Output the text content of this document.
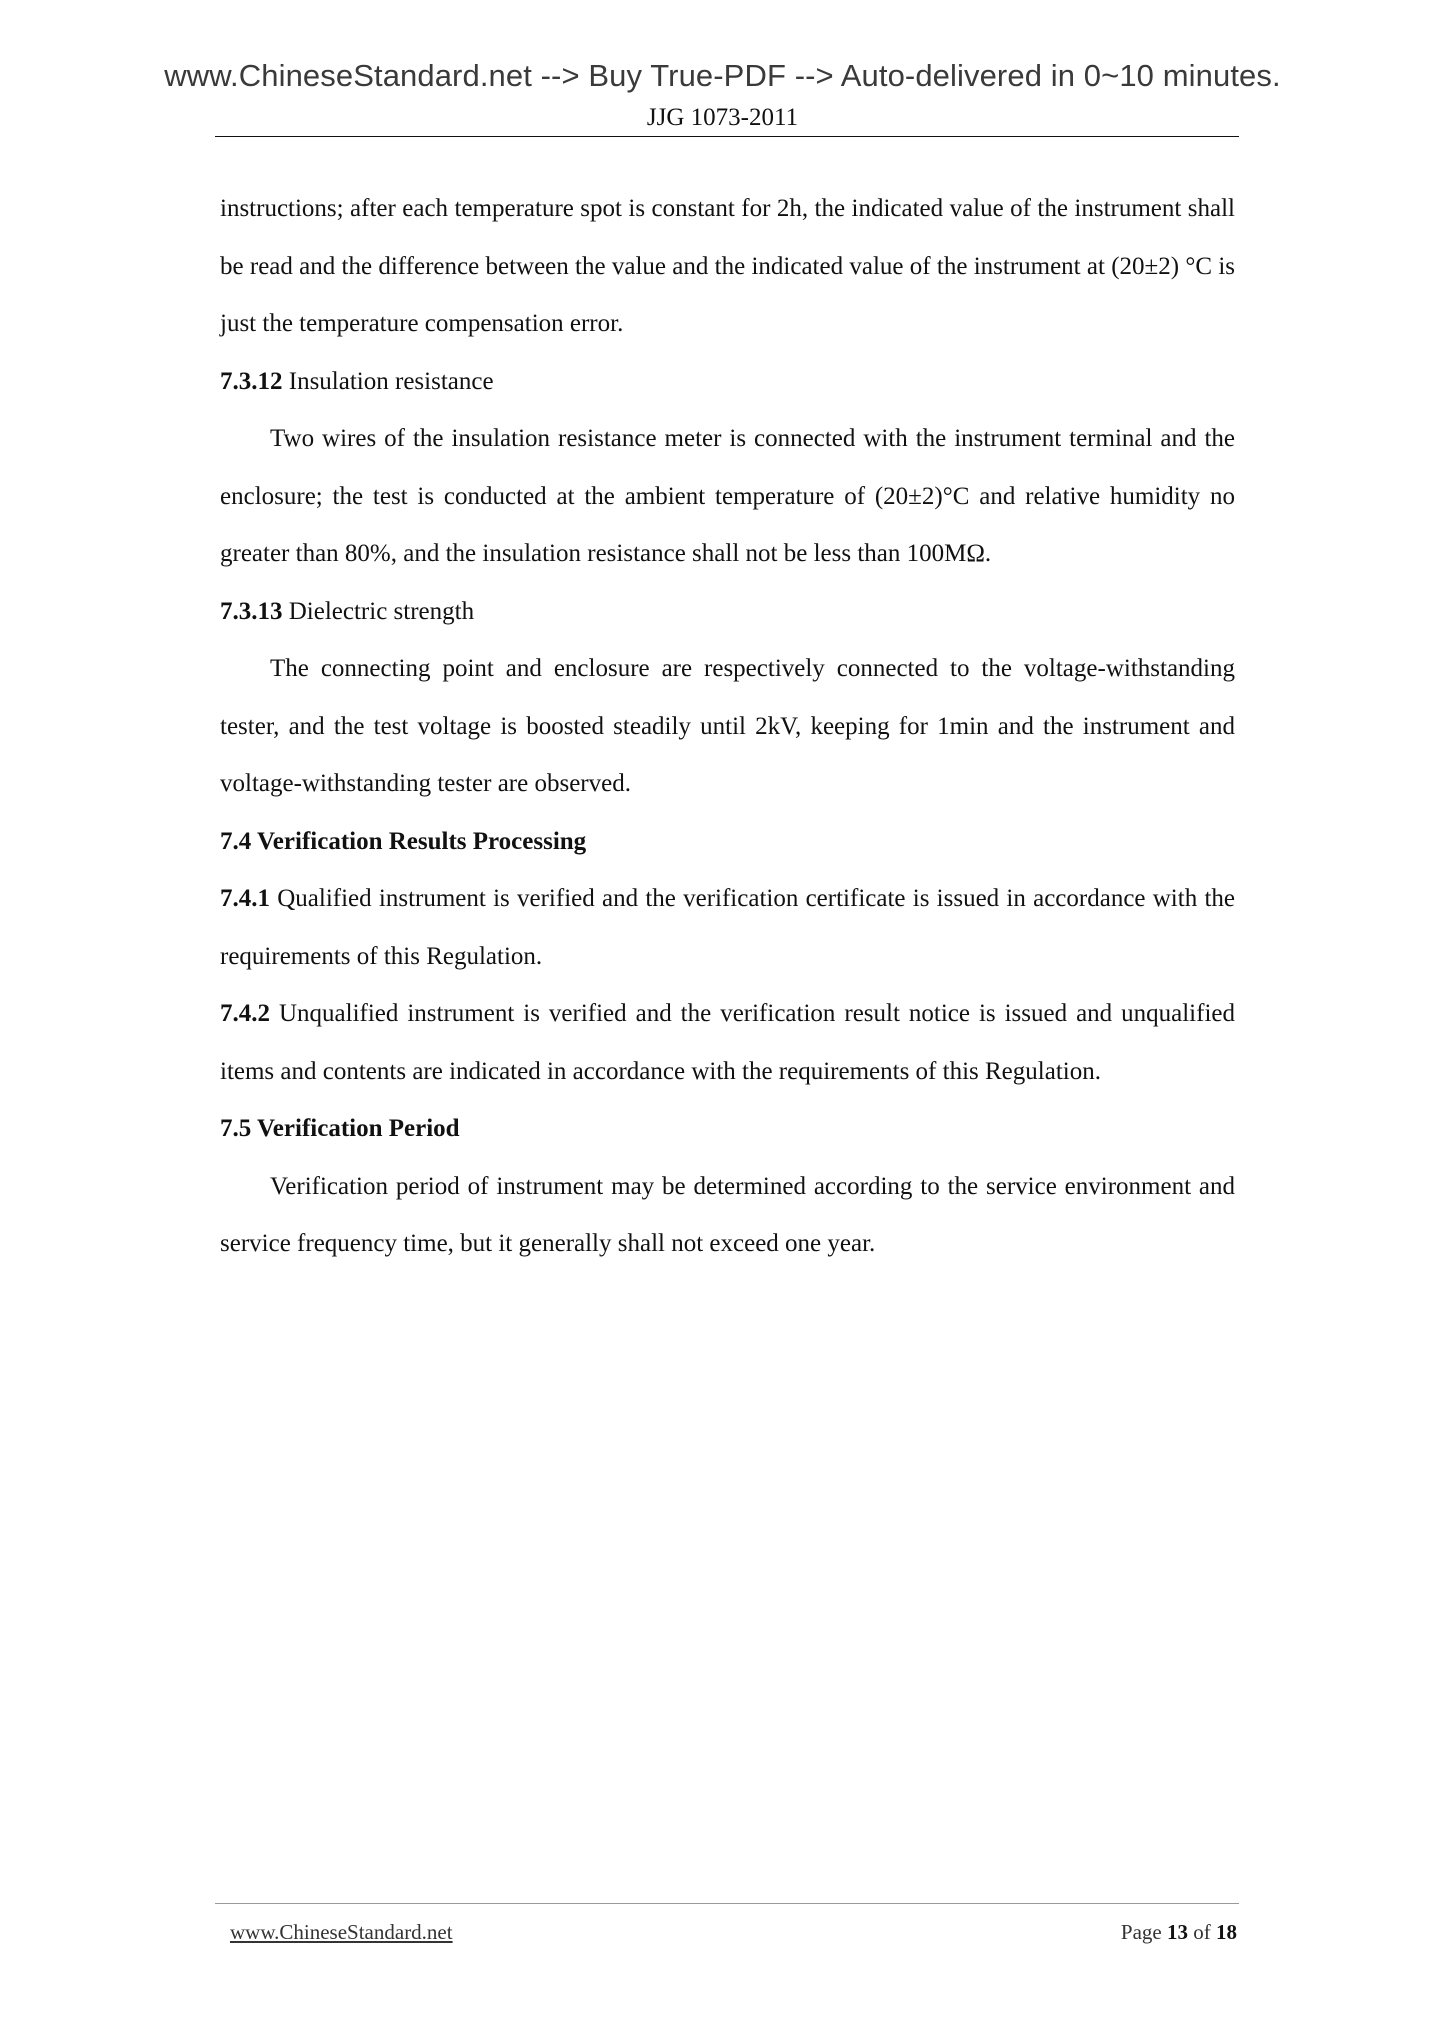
www.ChineseStandard.net --> Buy True-PDF --> Auto-delivered in 0~10 minutes.
JJG 1073-2011

instructions; after each temperature spot is constant for 2h, the indicated value of the instrument shall be read and the difference between the value and the indicated value of the instrument at (20±2) °C is just the temperature compensation error.

7.3.12 Insulation resistance

Two wires of the insulation resistance meter is connected with the instrument terminal and the enclosure; the test is conducted at the ambient temperature of (20±2)°C and relative humidity no greater than 80%, and the insulation resistance shall not be less than 100MΩ.

7.3.13 Dielectric strength

The connecting point and enclosure are respectively connected to the voltage-withstanding tester, and the test voltage is boosted steadily until 2kV, keeping for 1min and the instrument and voltage-withstanding tester are observed.

7.4 Verification Results Processing

7.4.1 Qualified instrument is verified and the verification certificate is issued in accordance with the requirements of this Regulation.

7.4.2 Unqualified instrument is verified and the verification result notice is issued and unqualified items and contents are indicated in accordance with the requirements of this Regulation.

7.5 Verification Period

Verification period of instrument may be determined according to the service environment and service frequency time, but it generally shall not exceed one year.

www.ChineseStandard.net	Page 13 of 18
